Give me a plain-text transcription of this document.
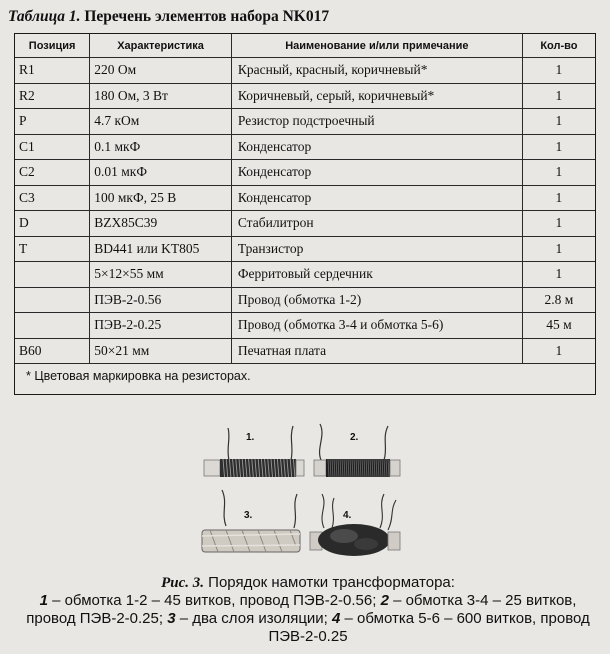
Таблица 1. Перечень элементов набора NK017
Позиция	Характеристика	Наименование и/или примечание	Кол-во
R1	220 Ом	Красный, красный, коричневый*	1
R2	180 Ом, 3 Вт	Коричневый, серый, коричневый*	1
P	4.7 кОм	Резистор подстроечный	1
C1	0.1 мкФ	Конденсатор	1
C2	0.01 мкФ	Конденсатор	1
C3	100 мкФ, 25 В	Конденсатор	1
D	BZX85C39	Стабилитрон	1
T	BD441 или KT805	Транзистор	1
	5×12×55 мм	Ферритовый сердечник	1
	ПЭВ-2-0.56	Провод (обмотка 1-2)	2.8 м
	ПЭВ-2-0.25	Провод (обмотка 3-4 и обмотка 5-6)	45 м
B60	50×21 мм	Печатная плата	1
* Цветовая маркировка на резисторах.
1.	2.
3.	4.
Рис. 3. Порядок намотки трансформатора:
1 – обмотка 1-2 – 45 витков, провод ПЭВ-2-0.56; 2 – обмотка 3-4 – 25 витков, провод ПЭВ-2-0.25; 3 – два слоя изоляции; 4 – обмотка 5-6 – 600 витков, провод ПЭВ-2-0.25
